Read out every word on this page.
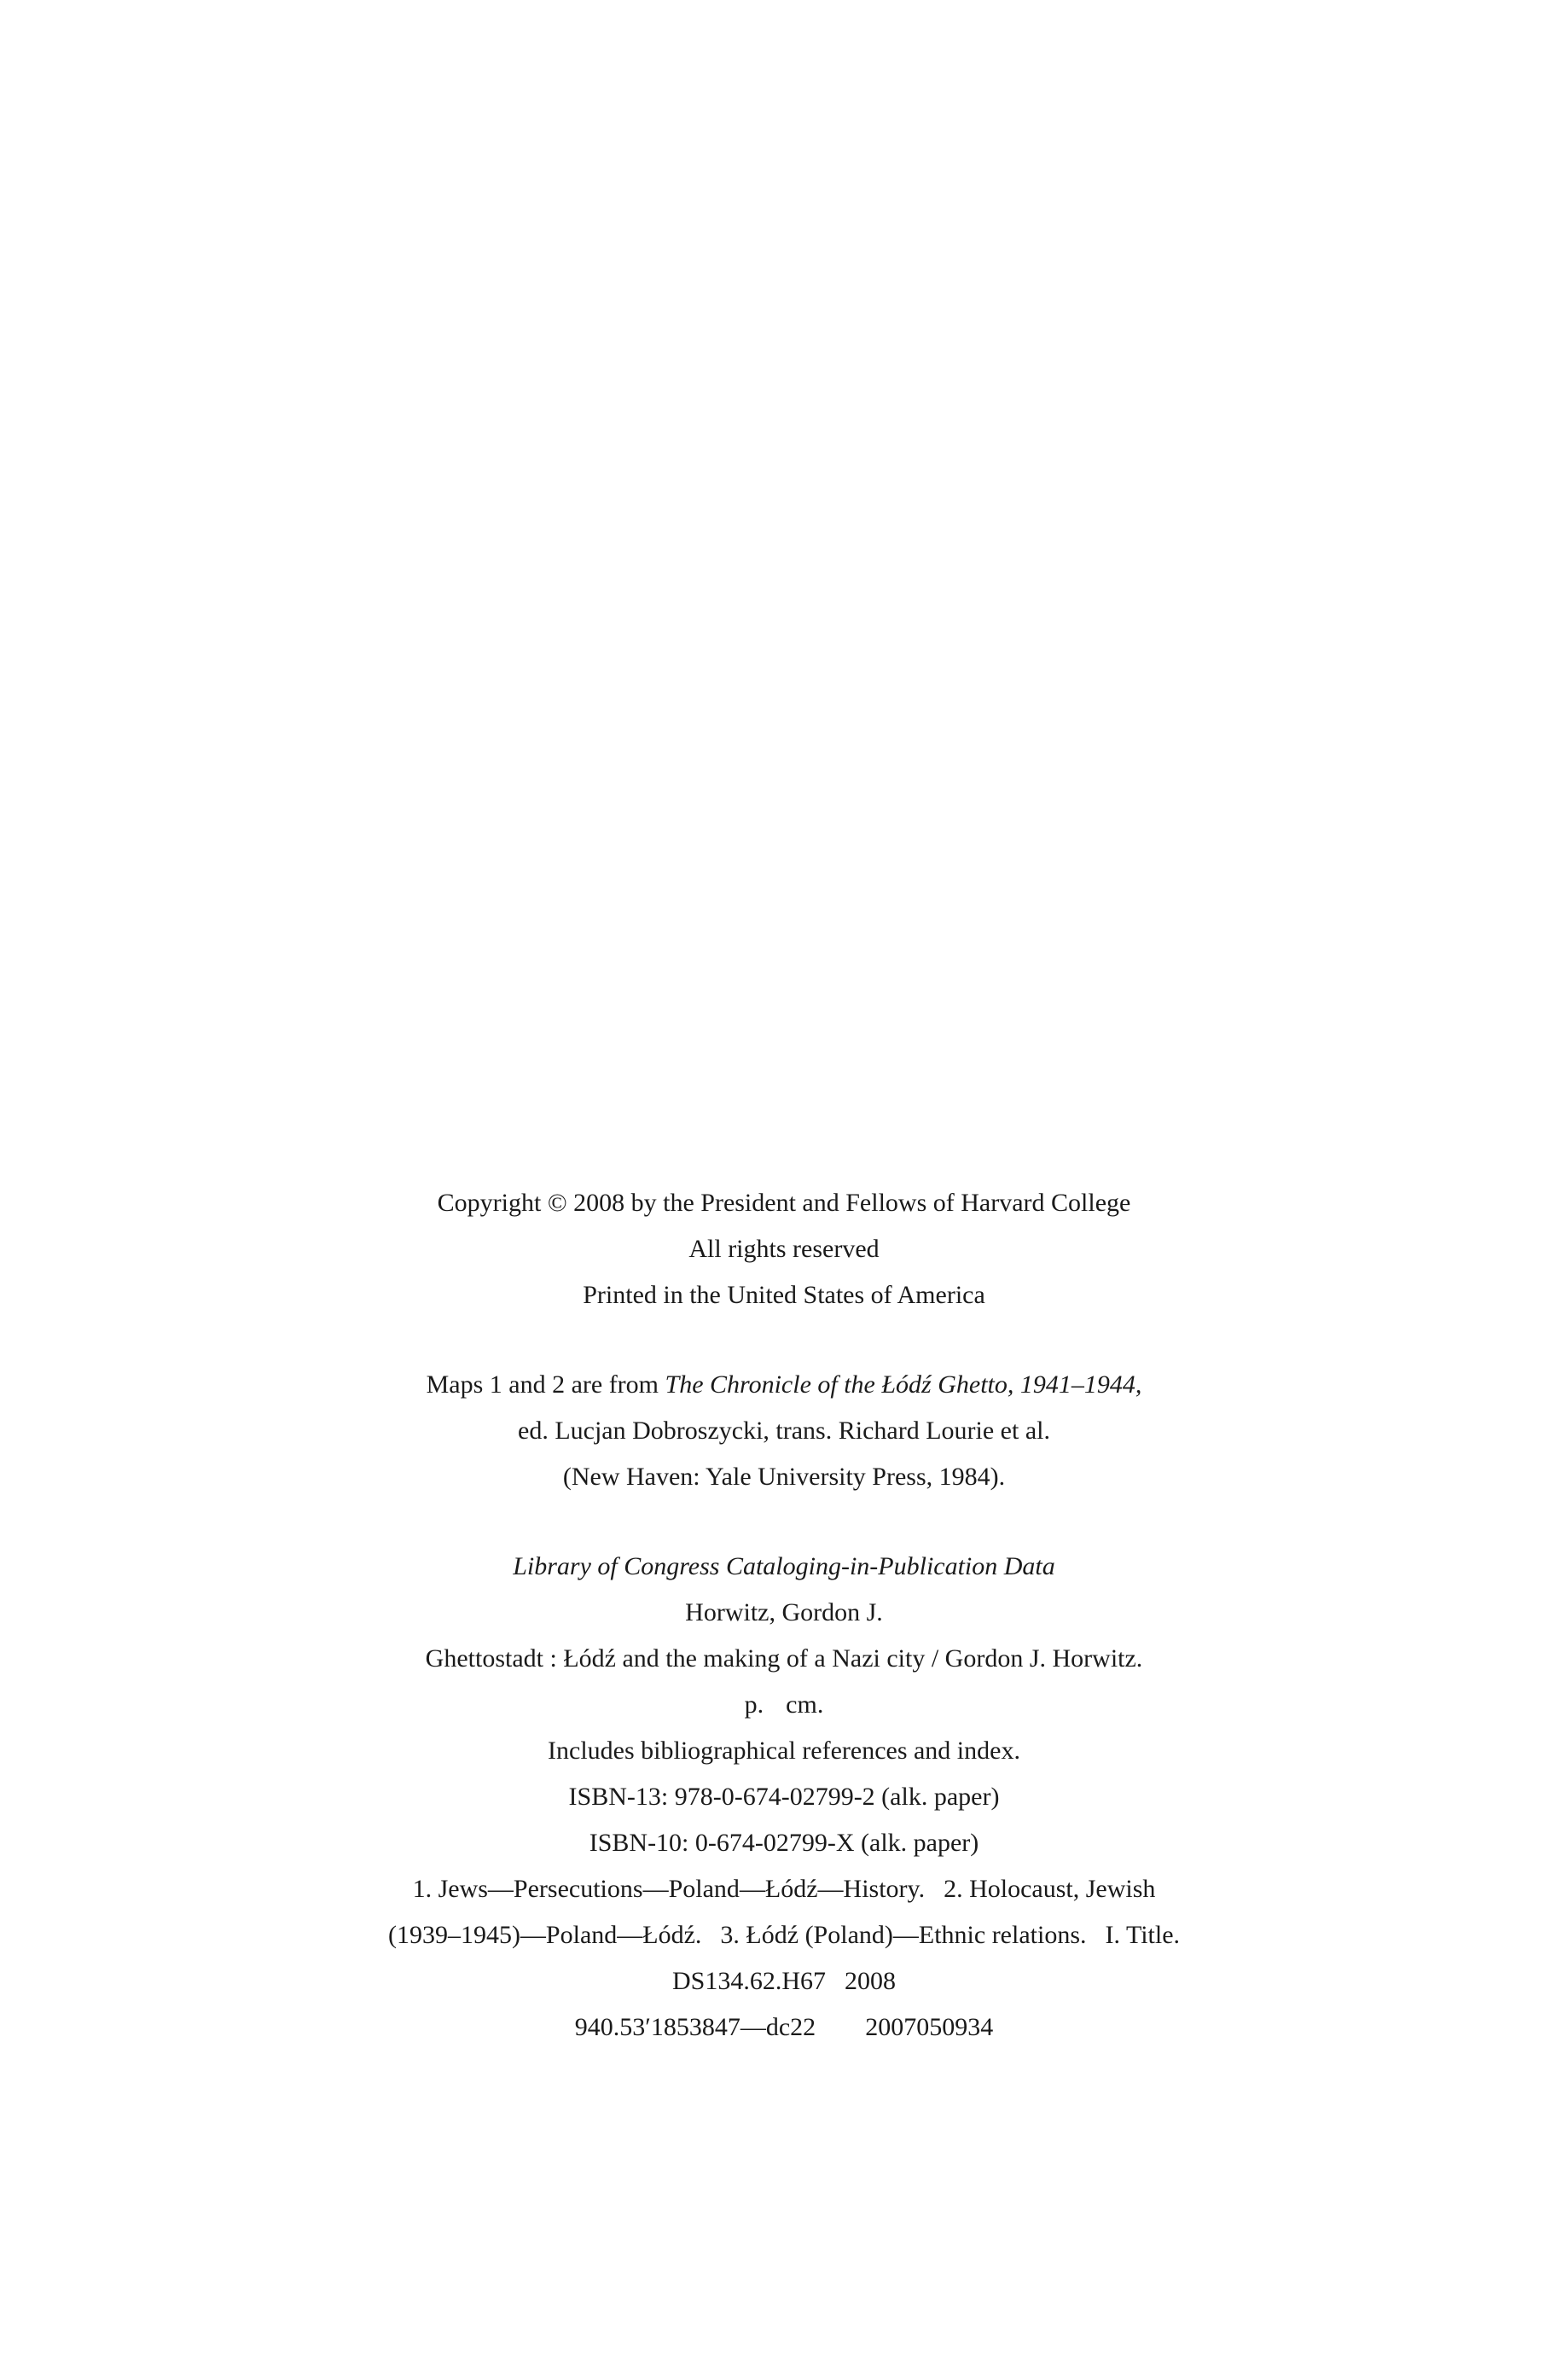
Copyright © 2008 by the President and Fellows of Harvard College
All rights reserved
Printed in the United States of America
Maps 1 and 2 are from The Chronicle of the Łódź Ghetto, 1941–1944,
ed. Lucjan Dobroszycki, trans. Richard Lourie et al.
(New Haven: Yale University Press, 1984).
Library of Congress Cataloging-in-Publication Data
Horwitz, Gordon J.
Ghettostadt : Łódź and the making of a Nazi city / Gordon J. Horwitz.
p. cm.
Includes bibliographical references and index.
ISBN-13: 978-0-674-02799-2 (alk. paper)
ISBN-10: 0-674-02799-X (alk. paper)
1. Jews—Persecutions—Poland—Łódź—History. 2. Holocaust, Jewish
(1939–1945)—Poland—Łódź. 3. Łódź (Poland)—Ethnic relations. I. Title.
DS134.62.H67 2008
940.53′1853847—dc22 2007050934
